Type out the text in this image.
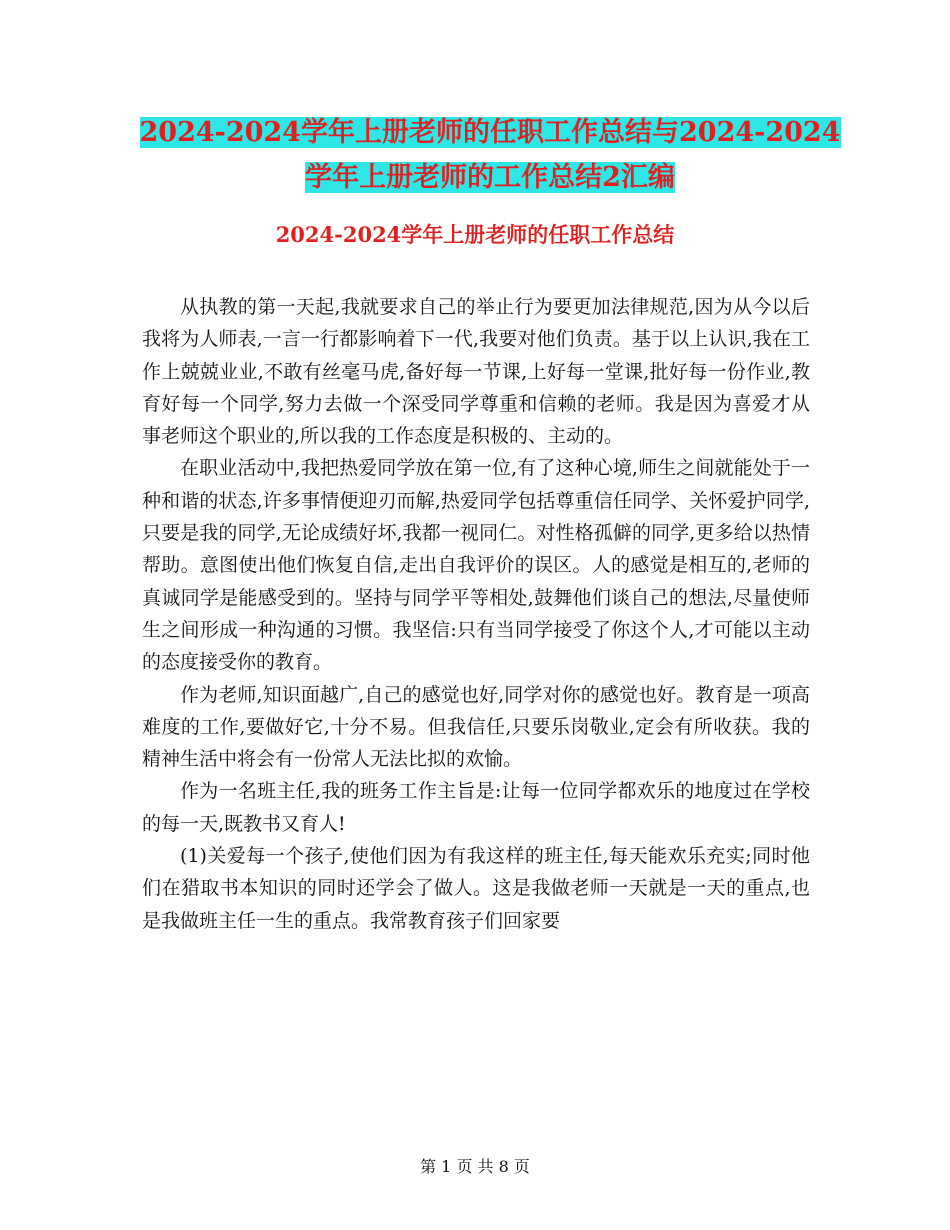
2024-2024学年上册老师的任职工作总结与2024-2024
学年上册老师的工作总结2汇编
2024-2024学年上册老师的任职工作总结

从执教的第一天起,我就要求自己的举止行为要更加法律规范,因为从今以后我将为人师表,一言一行都影响着下一代,我要对他们负责。基于以上认识,我在工作上兢兢业业,不敢有丝毫马虎,备好每一节课,上好每一堂课,批好每一份作业,教育好每一个同学,努力去做一个深受同学尊重和信赖的老师。我是因为喜爱才从事老师这个职业的,所以我的工作态度是积极的、主动的。

在职业活动中,我把热爱同学放在第一位,有了这种心境,师生之间就能处于一种和谐的状态,许多事情便迎刃而解,热爱同学包括尊重信任同学、关怀爱护同学,只要是我的同学,无论成绩好坏,我都一视同仁。对性格孤僻的同学,更多给以热情帮助。意图使出他们恢复自信,走出自我评价的误区。人的感觉是相互的,老师的真诚同学是能感受到的。坚持与同学平等相处,鼓舞他们谈自己的想法,尽量使师生之间形成一种沟通的习惯。我坚信:只有当同学接受了你这个人,才可能以主动的态度接受你的教育。

作为老师,知识面越广,自己的感觉也好,同学对你的感觉也好。教育是一项高难度的工作,要做好它,十分不易。但我信任,只要乐岗敬业,定会有所收获。我的精神生活中将会有一份常人无法比拟的欢愉。

作为一名班主任,我的班务工作主旨是:让每一位同学都欢乐的地度过在学校的每一天,既教书又育人!

(1)关爱每一个孩子,使他们因为有我这样的班主任,每天能欢乐充实;同时他们在猎取书本知识的同时还学会了做人。这是我做老师一天就是一天的重点,也是我做班主任一生的重点。我常教育孩子们回家要

第 1 页 共 8 页
